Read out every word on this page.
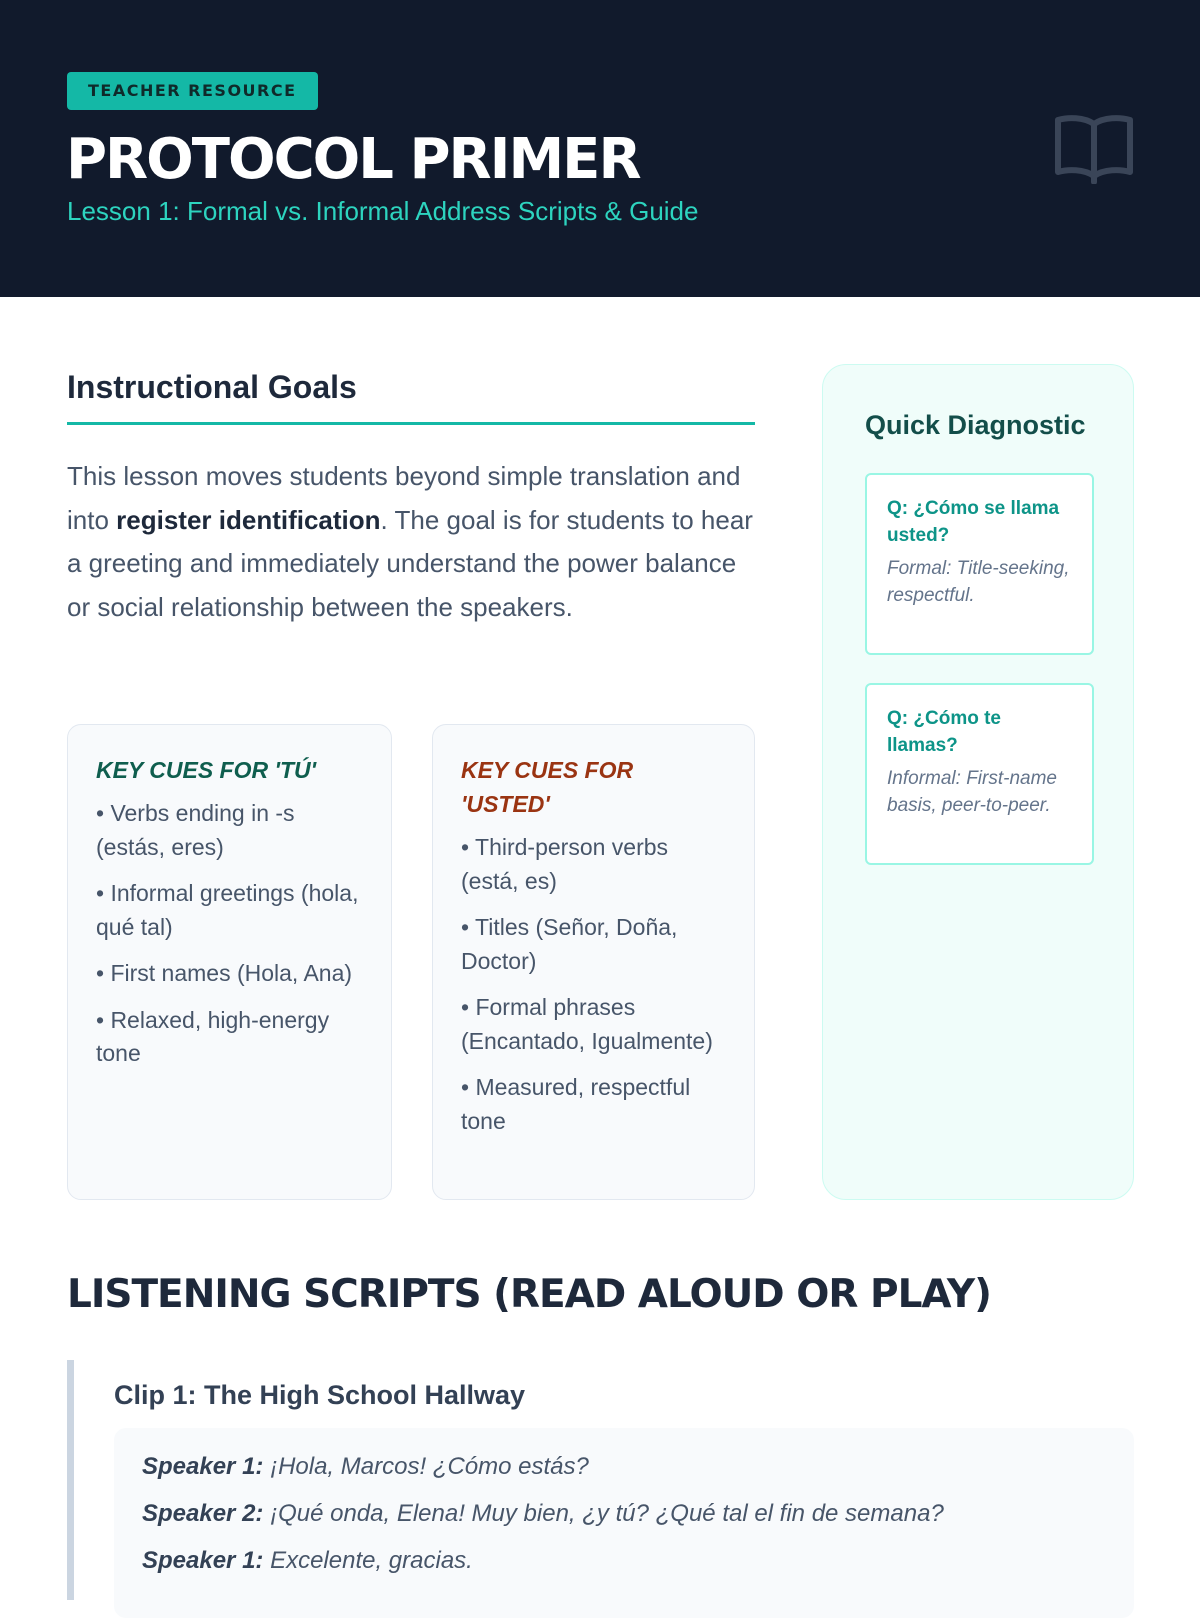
TEACHER RESOURCE
PROTOCOL PRIMER
Lesson 1: Formal vs. Informal Address Scripts & Guide
Instructional Goals

This lesson moves students beyond simple translation and into register identification. The goal is for students to hear a greeting and immediately understand the power balance or social relationship between the speakers.

KEY CUES FOR 'TÚ'
• Verbs ending in -s (estás, eres)
• Informal greetings (hola, qué tal)
• First names (Hola, Ana)
• Relaxed, high-energy tone
KEY CUES FOR 'USTED'
• Third-person verbs (está, es)
• Titles (Señor, Doña, Doctor)
• Formal phrases (Encantado, Igualmente)
• Measured, respectful tone
Quick Diagnostic

Q: ¿Cómo se llama usted?

Formal: Title-seeking, respectful.

Q: ¿Cómo te llamas?

Informal: First-name basis, peer-to-peer.

LISTENING SCRIPTS (READ ALOUD OR PLAY)
Clip 1: The High School Hallway

Speaker 1: ¡Hola, Marcos! ¿Cómo estás?

Speaker 2: ¡Qué onda, Elena! Muy bien, ¿y tú? ¿Qué tal el fin de semana?

Speaker 1: Excelente, gracias.
